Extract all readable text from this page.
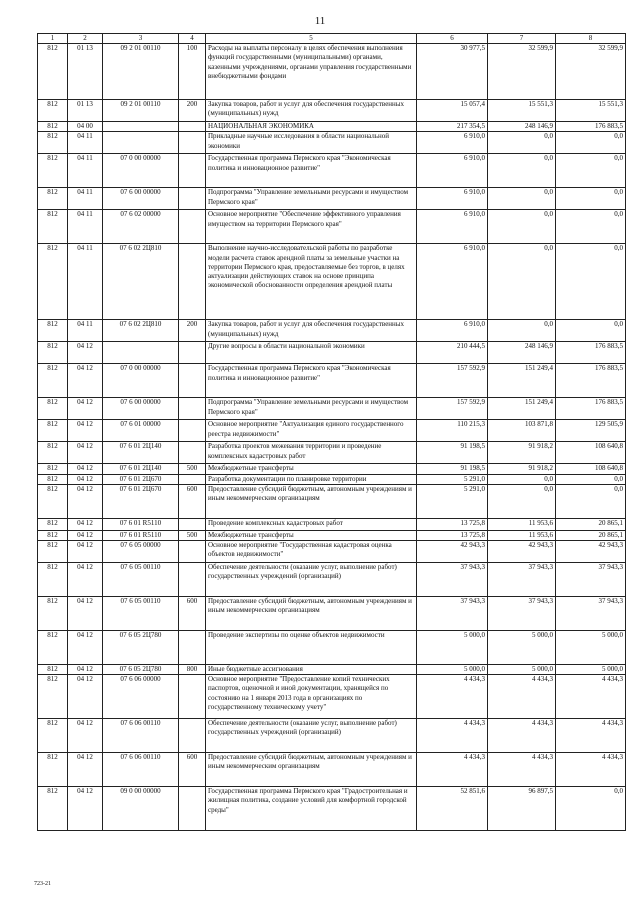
11
1	2	3	4	5	6	7	8
812	01 13	09 2 01 00110	100	Расходы на выплаты персоналу в целях обеспечения выполнения функций государственными (муниципальными) органами, казенными учреждениями, органами управления государственными внебюджетными фондами	30 977,5	32 599,9	32 599,9
812	01 13	09 2 01 00110	200	Закупка товаров, работ и услуг для обеспечения государственных (муниципальных) нужд	15 057,4	15 551,3	15 551,3
812	04 00			НАЦИОНАЛЬНАЯ ЭКОНОМИКА	217 354,5	248 146,9	176 883,5
812	04 11			Прикладные научные исследования в области национальной экономики	6 910,0	0,0	0,0
812	04 11	07 0 00 00000		Государственная программа Пермского края "Экономическая политика и инновационное развитие"	6 910,0	0,0	0,0
812	04 11	07 6 00 00000		Подпрограмма "Управление земельными ресурсами и имуществом Пермского края"	6 910,0	0,0	0,0
812	04 11	07 6 02 00000		Основное мероприятие "Обеспечение эффективного управления имуществом на территории Пермского края"	6 910,0	0,0	0,0
812	04 11	07 6 02 2Ц810		Выполнение научно-исследовательской работы по разработке модели расчета ставок арендной платы за земельные участки на территории Пермского края, предоставляемые без торгов, в целях актуализации действующих ставок на основе принципа экономической обоснованности определения арендной платы	6 910,0	0,0	0,0
812	04 11	07 6 02 2Ц810	200	Закупка товаров, работ и услуг для обеспечения государственных (муниципальных) нужд	6 910,0	0,0	0,0
812	04 12			Другие вопросы в области национальной экономики	210 444,5	248 146,9	176 883,5
812	04 12	07 0 00 00000		Государственная программа Пермского края "Экономическая политика и инновационное развитие"	157 592,9	151 249,4	176 883,5
812	04 12	07 6 00 00000		Подпрограмма "Управление земельными ресурсами и имуществом Пермского края"	157 592,9	151 249,4	176 883,5
812	04 12	07 6 01 00000		Основное мероприятие "Актуализация единого государственного реестра недвижимости"	110 215,3	103 871,8	129 505,9
812	04 12	07 6 01 2Ц140		Разработка проектов межевания территории и проведение комплексных кадастровых работ	91 198,5	91 918,2	108 640,8
812	04 12	07 6 01 2Ц140	500	Межбюджетные трансферты	91 198,5	91 918,2	108 640,8
812	04 12	07 6 01 2Ц670		Разработка документации по планировке территории	5 291,0	0,0	0,0
812	04 12	07 6 01 2Ц670	600	Предоставление субсидий бюджетным, автономным учреждениям и иным некоммерческим организациям	5 291,0	0,0	0,0
812	04 12	07 6 01 R5110		Проведение комплексных кадастровых работ	13 725,8	11 953,6	20 865,1
812	04 12	07 6 01 R5110	500	Межбюджетные трансферты	13 725,8	11 953,6	20 865,1
812	04 12	07 6 05 00000		Основное мероприятие "Государственная кадастровая оценка объектов недвижимости"	42 943,3	42 943,3	42 943,3
812	04 12	07 6 05 00110		Обеспечение деятельности (оказание услуг, выполнение работ) государственных учреждений (организаций)	37 943,3	37 943,3	37 943,3
812	04 12	07 6 05 00110	600	Предоставление субсидий бюджетным, автономным учреждениям и иным некоммерческим организациям	37 943,3	37 943,3	37 943,3
812	04 12	07 6 05 2Ц780		Проведение экспертизы по оценке объектов недвижимости	5 000,0	5 000,0	5 000,0
812	04 12	07 6 05 2Ц780	800	Иные бюджетные ассигнования	5 000,0	5 000,0	5 000,0
812	04 12	07 6 06 00000		Основное мероприятие "Предоставление копий технических паспортов, оценочной и иной документации, хранящейся по состоянию на 1 января 2013 года в организациях по государственному техническому учету"	4 434,3	4 434,3	4 434,3
812	04 12	07 6 06 00110		Обеспечение деятельности (оказание услуг, выполнение работ) государственных учреждений (организаций)	4 434,3	4 434,3	4 434,3
812	04 12	07 6 06 00110	600	Предоставление субсидий бюджетным, автономным учреждениям и иным некоммерческим организациям	4 434,3	4 434,3	4 434,3
812	04 12	09 0 00 00000		Государственная программа Пермского края "Градостроительная и жилищная политика, создание условий для комфортной городской среды"	52 851,6	96 897,5	0,0
723-21
